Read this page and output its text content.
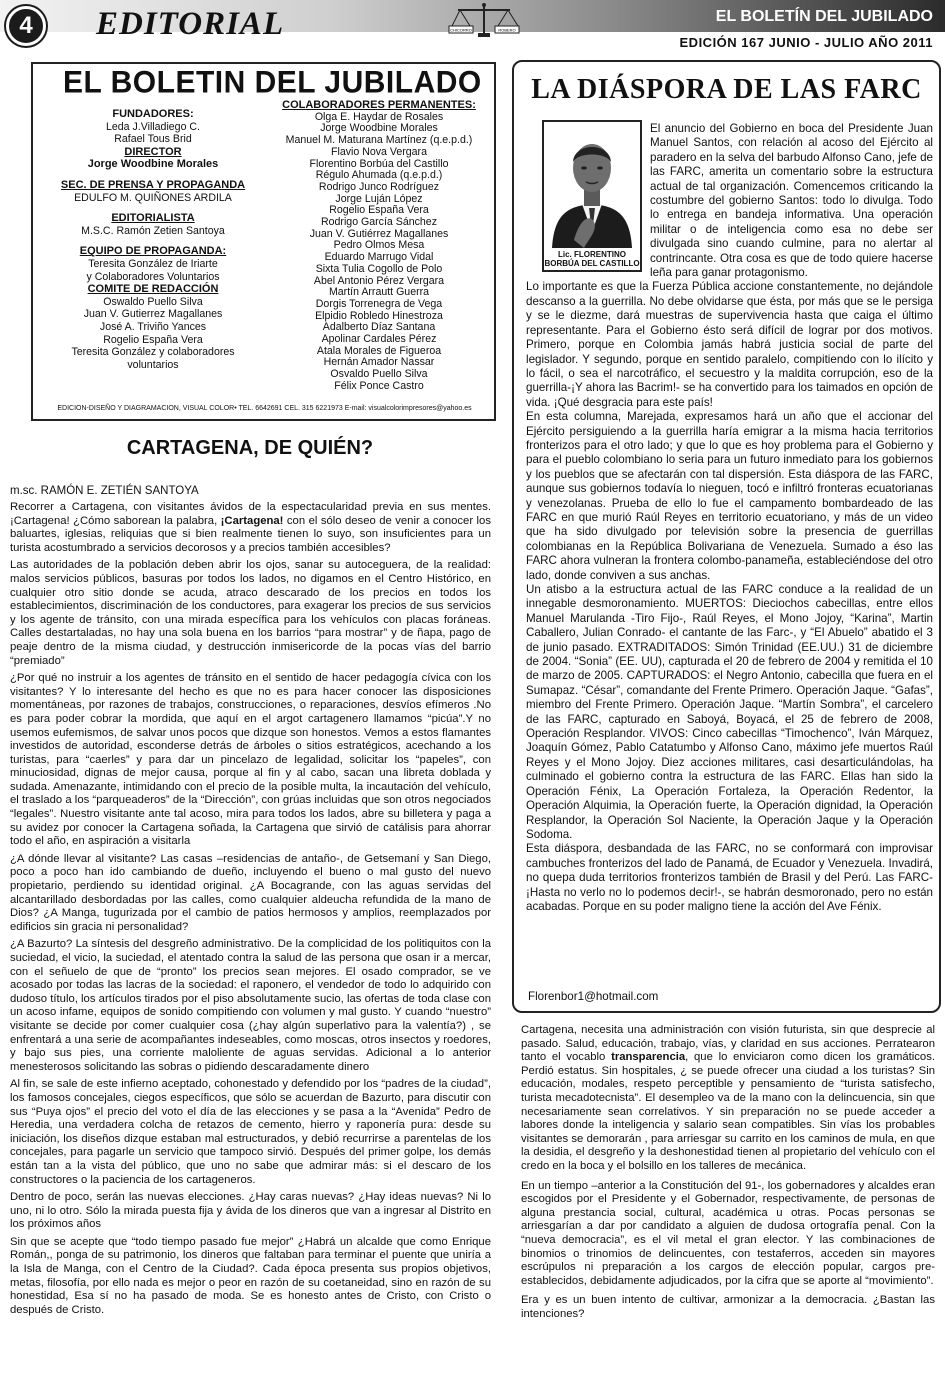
4	EDITORIAL	CHICORRO	ROBERO
EL BOLETÍN DEL JUBILADO
EDICIÓN 167 JUNIO - JULIO AÑO 2011
EL BOLETIN DEL JUBILADO
FUNDADORES:
Leda J.Villadiego C.
Rafael Tous Brid
DIRECTOR
Jorge Woodbine Morales
SEC. DE PRENSA Y PROPAGANDA
EDULFO M. QUIÑONES ARDILA
EDITORIALISTA
M.S.C. Ramón Zetien Santoya
EQUIPO DE PROPAGANDA:
Teresita González de Iriarte
y Colaboradores Voluntarios
COMITE DE REDACCIÓN
Oswaldo Puello Silva
Juan V. Gutierrez Magallanes
José A. Triviño Yances
Rogelio España Vera
Teresita González y colaboradores
voluntarios
COLABORADORES PERMANENTES:
Olga E. Haydar de Rosales
Jorge Woodbine Morales
Manuel M. Maturana Martínez (q.e.p.d.)
Flavio Nova Vergara
Florentino Borbúa del Castillo
Régulo Ahumada (q.e.p.d.)
Rodrigo Junco Rodríguez
Jorge Luján López
Rogelio España Vera
Rodrigo García Sánchez
Juan V. Gutiérrez Magallanes
Pedro Olmos Mesa
Eduardo Marrugo Vidal
Sixta Tulia Cogollo de Polo
Abel Antonio Pérez Vergara
Martín Arrautt Guerra
Dorgis Torrenegra de Vega
Elpidio Robledo Hinestroza
Adalberto Díaz Santana
Apolinar Cardales Pérez
Atala Morales de Figueroa
Hernán Amador Nassar
Osvaldo Puello Silva
Félix Ponce Castro
EDICION-DISEÑO Y DIAGRAMACION, VISUAL COLOR• TEL. 6642691 CEL. 315 6221973 E-mail: visualcolorimpresores@yahoo.es
CARTAGENA, DE QUIÉN?
m.sc. RAMÓN E. ZETIÉN SANTOYA

Recorrer a Cartagena, con visitantes ávidos de la espectacularidad previa en sus mentes. ¡Cartagena! ¿Cómo saborean la palabra, ¡Cartagena! con el sólo deseo de venir a conocer los baluartes, iglesias, reliquias que si bien realmente tienen lo suyo, son insuficientes para un turista acostumbrado a servicios decorosos y a precios también accesibles?

Las autoridades de la población deben abrir los ojos, sanar su autoceguera, de la realidad: malos servicios públicos, basuras por todos los lados, no digamos en el Centro Histórico, en cualquier otro sitio donde se acuda, atraco descarado de los precios en todos los establecimientos, discriminación de los conductores, para exagerar los precios de sus servicios y los agente de tránsito, con una mirada específica para los vehículos con placas foráneas. Calles destartaladas, no hay una sola buena en los barrios “para mostrar” y de ñapa, pago de peaje dentro de la misma ciudad, y destrucción inmisericorde de la pocas vías del barrio “premiado”

¿Por qué no instruir a los agentes de tránsito en el sentido de hacer pedagogía cívica con los visitantes? Y lo interesante del hecho es que no es para hacer conocer las disposiciones momentáneas, por razones de trabajos, construcciones, o reparaciones, desvíos efímeros .No es para poder cobrar la mordida, que aquí en el argot cartagenero llamamos “picúa”.Y no usemos eufemismos, de salvar unos pocos que dizque son honestos. Vemos a estos flamantes investidos de autoridad, esconderse detrás de árboles o sitios estratégicos, acechando a los turistas, para “caerles” y para dar un pincelazo de legalidad, solicitar los “papeles”, con minuciosidad, dignas de mejor causa, porque al fin y al cabo, sacan una libreta doblada y sudada. Amenazante, intimidando con el precio de la posible multa, la incautación del vehículo, el traslado a los “parqueaderos” de la “Dirección”, con grúas incluidas que son otros negociados “legales”. Nuestro visitante ante tal acoso, mira para todos los lados, abre su billetera y paga a su avidez por conocer la Cartagena soñada, la Cartagena que sirvió de catálisis para ahorrar todo el año, en aspiración a visitarla

¿A dónde llevar al visitante? Las casas –residencias de antaño-, de Getsemaní y San Diego, poco a poco han ido cambiando de dueño, incluyendo el bueno o mal gusto del nuevo propietario, perdiendo su identidad original. ¿A Bocagrande, con las aguas servidas del alcantarillado desbordadas por las calles, como cualquier aldeucha refundida de la mano de Dios? ¿A Manga, tugurizada por el cambio de patios hermosos y amplios, reemplazados por edificios sin gracia ni personalidad?

¿A Bazurto? La síntesis del desgreño administrativo. De la complicidad de los politiquitos con la suciedad, el vicio, la suciedad, el atentado contra la salud de las persona que osan ir a mercar, con el señuelo de que de “pronto” los precios sean mejores. El osado comprador, se ve acosado por todas las lacras de la sociedad: el raponero, el vendedor de todo lo adquirido con dudoso título, los artículos tirados por el piso absolutamente sucio, las ofertas de toda clase con un acoso infame, equipos de sonido compitiendo con volumen y mal gusto. Y cuando “nuestro” visitante se decide por comer cualquier cosa (¿hay algún superlativo para la valentía?) , se enfrentará a una serie de acompañantes indeseables, como moscas, otros insectos y roedores, y bajo sus pies, una corriente maloliente de aguas servidas. Adicional a lo anterior menesterosos solicitando las sobras o pidiendo descaradamente dinero

Al fin, se sale de este infierno aceptado, cohonestado y defendido por los “padres de la ciudad”, los famosos concejales, ciegos específicos, que sólo se acuerdan de Bazurto, para discutir con sus “Puya ojos” el precio del voto el día de las elecciones y se pasa a la “Avenida” Pedro de Heredia, una verdadera colcha de retazos de cemento, hierro y raponería pura: desde su iniciación, los diseños dizque estaban mal estructurados, y debió recurrirse a parentelas de los concejales, para pagarle un servicio que tampoco sirvió. Después del primer golpe, los demás están tan a la vista del público, que uno no sabe que admirar más: si el descaro de los constructores o la paciencia de los cartageneros.

Dentro de poco, serán las nuevas elecciones. ¿Hay caras nuevas? ¿Hay ideas nuevas? Ni lo uno, ni lo otro. Sólo la mirada puesta fija y ávida de los dineros que van a ingresar al Distrito en los próximos años

Sin que se acepte que “todo tiempo pasado fue mejor” ¿Habrá un alcalde que como Enrique Román,, ponga de su patrimonio, los dineros que faltaban para terminar el puente que uniría a la Isla de Manga, con el Centro de la Ciudad?. Cada época presenta sus propios objetivos, metas, filosofía, por ello nada es mejor o peor en razón de su coetaneidad, sino en razón de su honestidad, Esa sí no ha pasado de moda. Se es honesto antes de Cristo, con Cristo o después de Cristo.

LA DIÁSPORA DE LAS FARC
Lic. FLORENTINO
BORBÚA DEL CASTILLO

El anuncio del Gobierno en boca del Presidente Juan Manuel Santos, con relación al acoso del Ejército al paradero en la selva del barbudo Alfonso Cano, jefe de las FARC, amerita un comentario sobre la estructura actual de tal organización. Comencemos criticando la costumbre del gobierno Santos: todo lo divulga. Todo lo entrega en bandeja informativa. Una operación militar o de inteligencia como esa no debe ser divulgada sino cuando culmine, para no alertar al contrincante. Otra cosa es que de todo quiere hacerse leña para ganar protagonismo.

Lo importante es que la Fuerza Pública accione constantemente, no dejándole descanso a la guerrilla. No debe olvidarse que ésta, por más que se le persiga y se le diezme, dará muestras de supervivencia hasta que caiga el último representante. Para el Gobierno ésto será difícil de lograr por dos motivos. Primero, porque en Colombia jamás habrá justicia social de parte del legislador. Y segundo, porque en sentido paralelo, compitiendo con lo ilícito y lo fácil, o sea el narcotráfico, el secuestro y la maldita corrupción, eso de la guerrilla-¡Y ahora las Bacrim!- se ha convertido para los taimados en opción de vida. ¡Qué desgracia para este país!

En esta columna, Marejada, expresamos hará un año que el accionar del Ejército persiguiendo a la guerrilla haría emigrar a la misma hacia territorios fronterizos para el otro lado; y que lo que es hoy problema para el Gobierno y para el pueblo colombiano lo seria para un futuro inmediato para los gobiernos y los pueblos que se afectarán con tal dispersión. Esta diáspora de las FARC, aunque sus gobiernos todavía lo nieguen, tocó e infiltró fronteras ecuatorianas y venezolanas. Prueba de ello lo fue el campamento bombardeado de las FARC en que murió Raúl Reyes en territorio ecuatoriano, y más de un video que ha sido divulgado por televisión sobre la presencia de guerrillas colombianas en la República Bolivariana de Venezuela. Sumado a éso las FARC ahora vulneran la frontera colombo-panameña, estableciéndose del otro lado, donde conviven a sus anchas.

Un atisbo a la estructura actual de las FARC conduce a la realidad de un innegable desmoronamiento. MUERTOS: Dieciochos cabecillas, entre ellos Manuel Marulanda -Tiro Fijo-, Raúl Reyes, el Mono Jojoy, “Karina”, Martin Caballero, Julian Conrado- el cantante de las Farc-, y “El Abuelo” abatido el 3 de junio pasado. EXTRADITADOS: Simón Trinidad (EE.UU.) 31 de diciembre de 2004. “Sonia” (EE. UU), capturada el 20 de febrero de 2004 y remitida el 10 de marzo de 2005. CAPTURADOS: el Negro Antonio, cabecilla que fuera en el Sumapaz. “César”, comandante del Frente Primero. Operación Jaque. “Gafas”, miembro del Frente Primero. Operación Jaque. “Martín Sombra”, el carcelero de las FARC, capturado en Saboyá, Boyacá, el 25 de febrero de 2008, Operación Resplandor. VIVOS: Cinco cabecillas “Timochenco”, Iván Márquez, Joaquín Gómez, Pablo Catatumbo y Alfonso Cano, máximo jefe muertos Raúl Reyes y el Mono Jojoy. Diez acciones militares, casi desarticulándolas, ha culminado el gobierno contra la estructura de las FARC. Ellas han sido la Operación Fénix, La Operación Fortaleza, la Operación Redentor, la Operación Alquimia, la Operación fuerte, la Operación dignidad, la Operación Resplandor, la Operación Sol Naciente, la Operación Jaque y la Operación Sodoma.

Esta diáspora, desbandada de las FARC, no se conformará con improvisar cambuches fronterizos del lado de Panamá, de Ecuador y Venezuela. Invadirá, no quepa duda territorios fronterizos también de Brasil y del Perú. Las FARC- ¡Hasta no verlo no lo podemos decir!-, se habrán desmoronado, pero no están acabadas. Porque en su poder maligno tiene la acción del Ave Fénix.

Florenbor1@hotmail.com

Cartagena, necesita una administración con visión futurista, sin que desprecie al pasado. Salud, educación, trabajo, vías, y claridad en sus acciones. Perratearon tanto el vocablo transparencia, que lo enviciaron como dicen los gramáticos. Perdió estatus. Sin hospitales, ¿ se puede ofrecer una ciudad a los turistas? Sin educación, modales, respeto perceptible y pensamiento de “turista satisfecho, turista mecadotecnista”. El desempleo va de la mano con la delincuencia, sin que necesariamente sean correlativos. Y sin preparación no se puede acceder a labores donde la inteligencia y salario sean compatibles. Sin vías los probables visitantes se demorarán , para arriesgar su carrito en los caminos de mula, en que la desidia, el desgreño y la deshonestidad tienen al propietario del vehículo con el credo en la boca y el bolsillo en los talleres de mecánica.

En un tiempo –anterior a la Constitución del 91-, los gobernadores y alcaldes eran escogidos por el Presidente y el Gobernador, respectivamente, de personas de alguna prestancia social, cultural, académica u otras. Pocas personas se arriesgarían a dar por candidato a alguien de dudosa ortografía penal. Con la “nueva democracia”, es el vil metal el gran elector. Y las combinaciones de binomios o trinomios de delincuentes, con testaferros, acceden sin mayores escrúpulos ni preparación a los cargos de elección popular, cargos pre-establecidos, debidamente adjudicados, por la cifra que se aporte al “movimiento”.

Era y es un buen intento de cultivar, armonizar a la democracia. ¿Bastan las intenciones?
